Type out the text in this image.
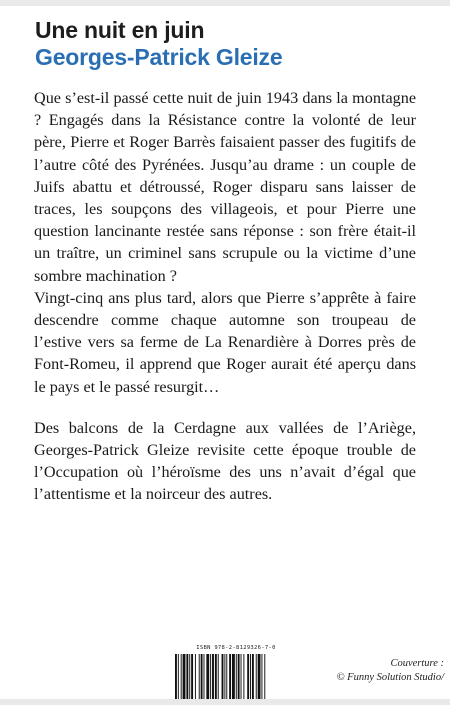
Une nuit en juin
Georges-Patrick Gleize

Que s’est-il passé cette nuit de juin 1943 dans la montagne ? Engagés dans la Résistance contre la volonté de leur père, Pierre et Roger Barrès faisaient passer des fugitifs de l’autre côté des Pyrénées. Jusqu’au drame : un couple de Juifs abattu et détroussé, Roger disparu sans laisser de traces, les soupçons des villageois, et pour Pierre une question lancinante restée sans réponse : son frère était-il un traître, un criminel sans scrupule ou la victime d’une sombre machination ?

Vingt-cinq ans plus tard, alors que Pierre s’apprête à faire descendre comme chaque automne son troupeau de l’estive vers sa ferme de La Renardière à Dorres près de Font-Romeu, il apprend que Roger aurait été aperçu dans le pays et le passé resurgit…

Des balcons de la Cerdagne aux vallées de l’Ariège, Georges-Patrick Gleize revisite cette époque trouble de l’Occupation où l’héroïsme des uns n’avait d’égal que l’attentisme et la noirceur des autres.

ISBN 978-2-8129326-7-0
Couverture :
© Funny Solution Studio/
